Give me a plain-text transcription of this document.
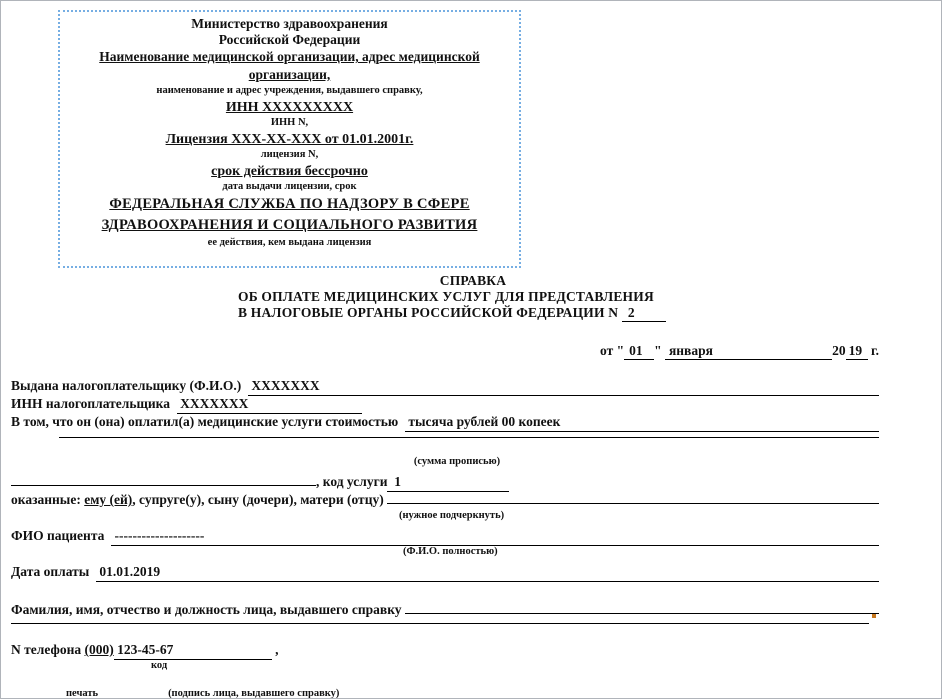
Министерство здравоохранения
Российской Федерации
Наименование медицинской организации, адрес медицинской организации,
наименование и адрес учреждения, выдавшего справку,
ИНН ХХХХХХХХХ
ИНН N,
Лицензия XXX-XX-XXX от 01.01.2001г.
лицензия N,
срок действия бессрочно
дата выдачи лицензии, срок
ФЕДЕРАЛЬНАЯ СЛУЖБА ПО НАДЗОРУ В СФЕРЕ
ЗДРАВООХРАНЕНИЯ И СОЦИАЛЬНОГО РАЗВИТИЯ
ее действия, кем выдана лицензия
СПРАВКА
ОБ ОПЛАТЕ МЕДИЦИНСКИХ УСЛУГ ДЛЯ ПРЕДСТАВЛЕНИЯ
В НАЛОГОВЫЕ ОРГАНЫ РОССИЙСКОЙ ФЕДЕРАЦИИ N 2
от " 01 " января	20 19 г.
Выдана налогоплательщику (Ф.И.О.) ХХХХХХХ
ИНН налогоплательщика ХХХХХХХ
В том, что он (она) оплатил(а) медицинские услуги стоимостью тысяча рублей 00 копеек
(сумма прописью)
, код услуги 1
оказанные: ему (ей) , супруге(у), сыну (дочери), матери (отцу)
(нужное подчеркнуть)
ФИО пациента --------------------
(Ф.И.О. полностью)
Дата оплаты 01.01.2019
Фамилия, имя, отчество и должность лица, выдавшего справку
N телефона (000) 123-45-67	,
код
печать	(подпись лица, выдавшего справку)
